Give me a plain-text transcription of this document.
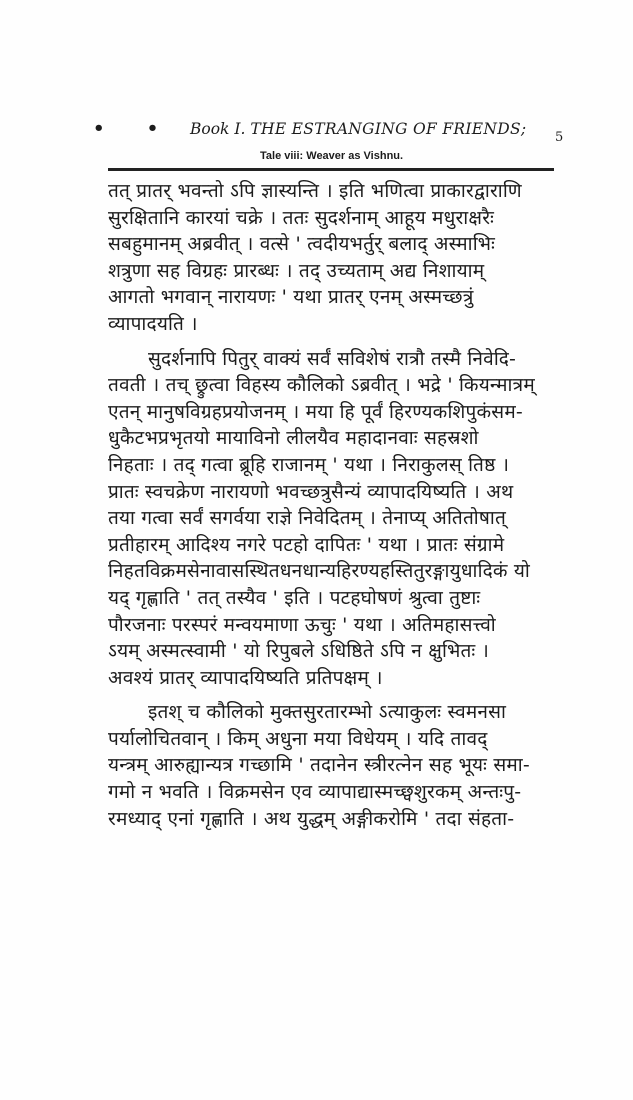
• • Book I. THE ESTRANGING OF FRIENDS;	5
Tale viii: Weaver as Vishnu.
तत् प्रातर् भवन्तो ऽपि ज्ञास्यन्ति । इति भणित्वा प्राकारद्वाराणि
सुरक्षितानि कारयां चक्रे । ततः सुदर्शनाम् आहूय मधुराक्षरैः
सबहुमानम् अब्रवीत् । वत्से ' त्वदीयभर्तुर् बलाद् अस्माभिः
शत्रुणा सह विग्रहः प्रारब्धः । तद् उच्यताम् अद्य निशायाम्
आगतो भगवान् नारायणः ' यथा प्रातर् एनम् अस्मच्छत्रुं
व्यापादयति ।
सुदर्शनापि पितुर् वाक्यं सर्वं सविशेषं रात्रौ तस्मै निवेदि-
तवती । तच् छ्रुत्वा विहस्य कौलिको ऽब्रवीत् । भद्रे ' कियन्मात्रम्
एतन् मानुषविग्रहप्रयोजनम् । मया हि पूर्वं हिरण्यकशिपुकंसम-
धुकैटभप्रभृतयो मायाविनो लीलयैव महादानवाः सहस्रशो
निहताः । तद् गत्वा ब्रूहि राजानम् ' यथा । निराकुलस् तिष्ठ ।
प्रातः स्वचक्रेण नारायणो भवच्छत्रुसैन्यं व्यापादयिष्यति । अथ
तया गत्वा सर्वं सगर्वया राज्ञे निवेदितम् । तेनाप्य् अतितोषात्
प्रतीहारम् आदिश्य नगरे पटहो दापितः ' यथा । प्रातः संग्रामे
निहतविक्रमसेनावासस्थितधनधान्यहिरण्यहस्तितुरङ्गायुधादिकं यो
यद् गृह्णाति ' तत् तस्यैव ' इति । पटहघोषणं श्रुत्वा तुष्टाः
पौरजनाः परस्परं मन्वयमाणा ऊचुः ' यथा । अतिमहासत्त्वो
ऽयम् अस्मत्स्वामी ' यो रिपुबले ऽधिष्ठिते ऽपि न क्षुभितः ।
अवश्यं प्रातर् व्यापादयिष्यति प्रतिपक्षम् ।
इतश् च कौलिको मुक्तसुरतारम्भो ऽत्याकुलः स्वमनसा
पर्यालोचितवान् । किम् अधुना मया विधेयम् । यदि तावद्
यन्त्रम् आरुह्यान्यत्र गच्छामि ' तदानेन स्त्रीरत्नेन सह भूयः समा-
गमो न भवति । विक्रमसेन एव व्यापाद्यास्मच्छ्वशुरकम् अन्तःपु-
रमध्याद् एनां गृह्णाति । अथ युद्धम् अङ्गीकरोमि ' तदा संहता-
